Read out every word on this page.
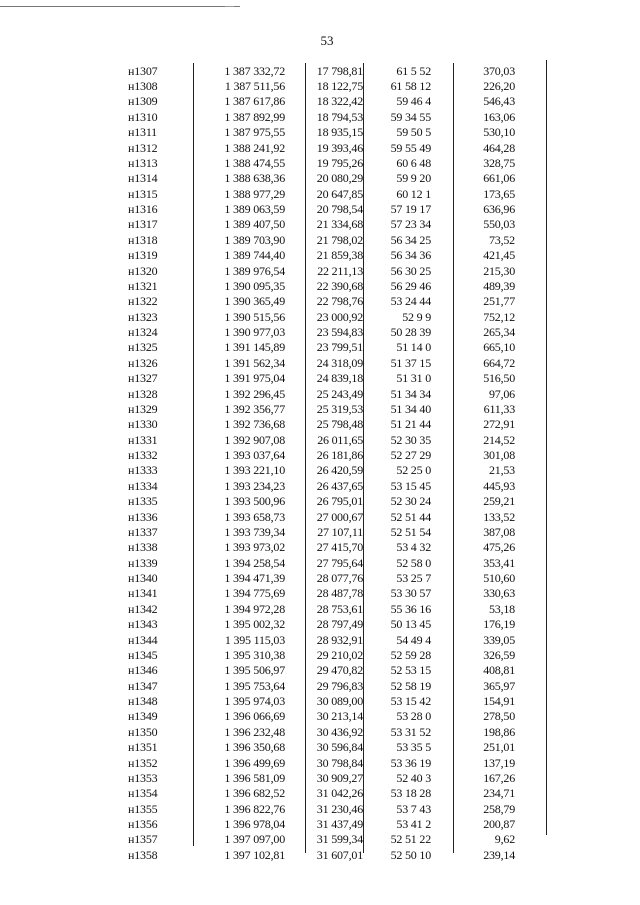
53
н1307	1 387 332,72	17 798,81	61 5 52	370,03
н1308	1 387 511,56	18 122,75	61 58 12	226,20
н1309	1 387 617,86	18 322,42	59 46 4	546,43
н1310	1 387 892,99	18 794,53	59 34 55	163,06
н1311	1 387 975,55	18 935,15	59 50 5	530,10
н1312	1 388 241,92	19 393,46	59 55 49	464,28
н1313	1 388 474,55	19 795,26	60 6 48	328,75
н1314	1 388 638,36	20 080,29	59 9 20	661,06
н1315	1 388 977,29	20 647,85	60 12 1	173,65
н1316	1 389 063,59	20 798,54	57 19 17	636,96
н1317	1 389 407,50	21 334,68	57 23 34	550,03
н1318	1 389 703,90	21 798,02	56 34 25	73,52
н1319	1 389 744,40	21 859,38	56 34 36	421,45
н1320	1 389 976,54	22 211,13	56 30 25	215,30
н1321	1 390 095,35	22 390,68	56 29 46	489,39
н1322	1 390 365,49	22 798,76	53 24 44	251,77
н1323	1 390 515,56	23 000,92	52 9 9	752,12
н1324	1 390 977,03	23 594,83	50 28 39	265,34
н1325	1 391 145,89	23 799,51	51 14 0	665,10
н1326	1 391 562,34	24 318,09	51 37 15	664,72
н1327	1 391 975,04	24 839,18	51 31 0	516,50
н1328	1 392 296,45	25 243,49	51 34 34	97,06
н1329	1 392 356,77	25 319,53	51 34 40	611,33
н1330	1 392 736,68	25 798,48	51 21 44	272,91
н1331	1 392 907,08	26 011,65	52 30 35	214,52
н1332	1 393 037,64	26 181,86	52 27 29	301,08
н1333	1 393 221,10	26 420,59	52 25 0	21,53
н1334	1 393 234,23	26 437,65	53 15 45	445,93
н1335	1 393 500,96	26 795,01	52 30 24	259,21
н1336	1 393 658,73	27 000,67	52 51 44	133,52
н1337	1 393 739,34	27 107,11	52 51 54	387,08
н1338	1 393 973,02	27 415,70	53 4 32	475,26
н1339	1 394 258,54	27 795,64	52 58 0	353,41
н1340	1 394 471,39	28 077,76	53 25 7	510,60
н1341	1 394 775,69	28 487,78	53 30 57	330,63
н1342	1 394 972,28	28 753,61	55 36 16	53,18
н1343	1 395 002,32	28 797,49	50 13 45	176,19
н1344	1 395 115,03	28 932,91	54 49 4	339,05
н1345	1 395 310,38	29 210,02	52 59 28	326,59
н1346	1 395 506,97	29 470,82	52 53 15	408,81
н1347	1 395 753,64	29 796,83	52 58 19	365,97
н1348	1 395 974,03	30 089,00	53 15 42	154,91
н1349	1 396 066,69	30 213,14	53 28 0	278,50
н1350	1 396 232,48	30 436,92	53 31 52	198,86
н1351	1 396 350,68	30 596,84	53 35 5	251,01
н1352	1 396 499,69	30 798,84	53 36 19	137,19
н1353	1 396 581,09	30 909,27	52 40 3	167,26
н1354	1 396 682,52	31 042,26	53 18 28	234,71
н1355	1 396 822,76	31 230,46	53 7 43	258,79
н1356	1 396 978,04	31 437,49	53 41 2	200,87
н1357	1 397 097,00	31 599,34	52 51 22	9,62
н1358	1 397 102,81	31 607,01	52 50 10	239,14
